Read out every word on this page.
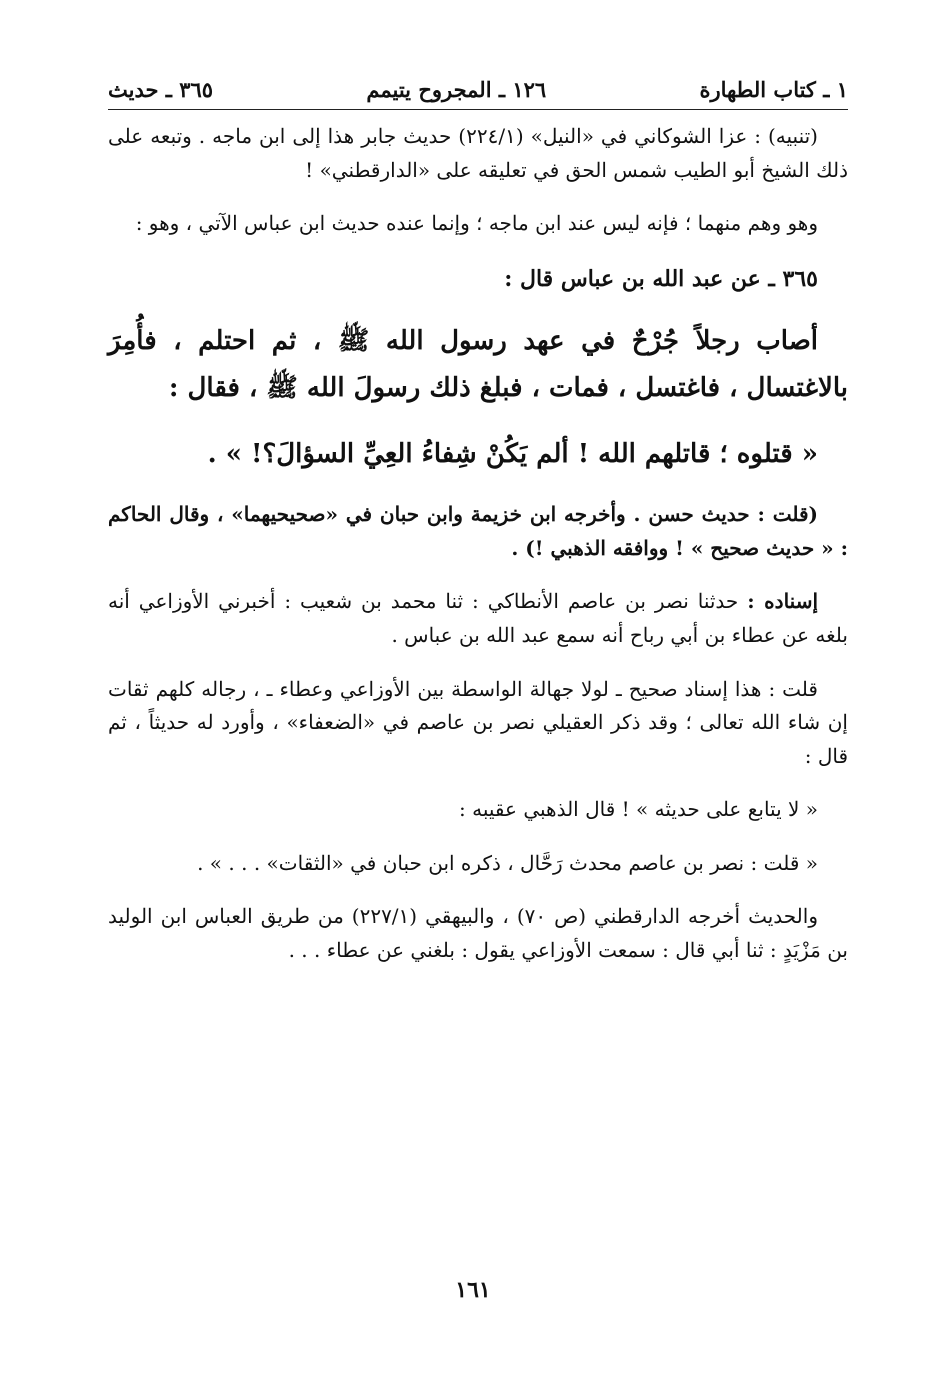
١ ـ كتاب الطهارة
١٢٦ ـ المجروح يتيمم
٣٦٥ ـ حديث

(تنبيه) : عزا الشوكاني في «النيل» (٢٢٤/١) حديث جابر هذا إلى ابن ماجه . وتبعه على ذلك الشيخ أبو الطيب شمس الحق في تعليقه على «الدارقطني» !

وهو وهم منهما ؛ فإنه ليس عند ابن ماجه ؛ وإنما عنده حديث ابن عباس الآتي ، وهو :

٣٦٥ ـ عن عبد الله بن عباس قال :

أصاب رجلاً جُرْحٌ في عهد رسول الله ﷺ ، ثم احتلم ، فأُمِرَ بالاغتسال ، فاغتسل ، فمات ، فبلغ ذلك رسولَ الله ﷺ ، فقال :

« قتلوه ؛ قاتلهم الله ! ألم يَكُنْ شِفاءُ العِيِّ السؤالَ؟! » .

(قلت : حديث حسن . وأخرجه ابن خزيمة وابن حبان في «صحيحيهما» ، وقال الحاكم : « حديث صحيح » ! ووافقه الذهبي !) .

إسناده : حدثنا نصر بن عاصم الأنطاكي : ثنا محمد بن شعيب : أخبرني الأوزاعي أنه بلغه عن عطاء بن أبي رباح أنه سمع عبد الله بن عباس .

قلت : هذا إسناد صحيح ـ لولا جهالة الواسطة بين الأوزاعي وعطاء ـ ، رجاله كلهم ثقات إن شاء الله تعالى ؛ وقد ذكر العقيلي نصر بن عاصم في «الضعفاء» ، وأورد له حديثاً ، ثم قال :

« لا يتابع على حديثه » ! قال الذهبي عقيبه :

« قلت : نصر بن عاصم محدث رَحَّال ، ذكره ابن حبان في «الثقات» . . . » .

والحديث أخرجه الدارقطني (ص ٧٠) ، والبيهقي (٢٢٧/١) من طريق العباس ابن الوليد بن مَزْيَدٍ : ثنا أبي قال : سمعت الأوزاعي يقول : بلغني عن عطاء . . .

١٦١
